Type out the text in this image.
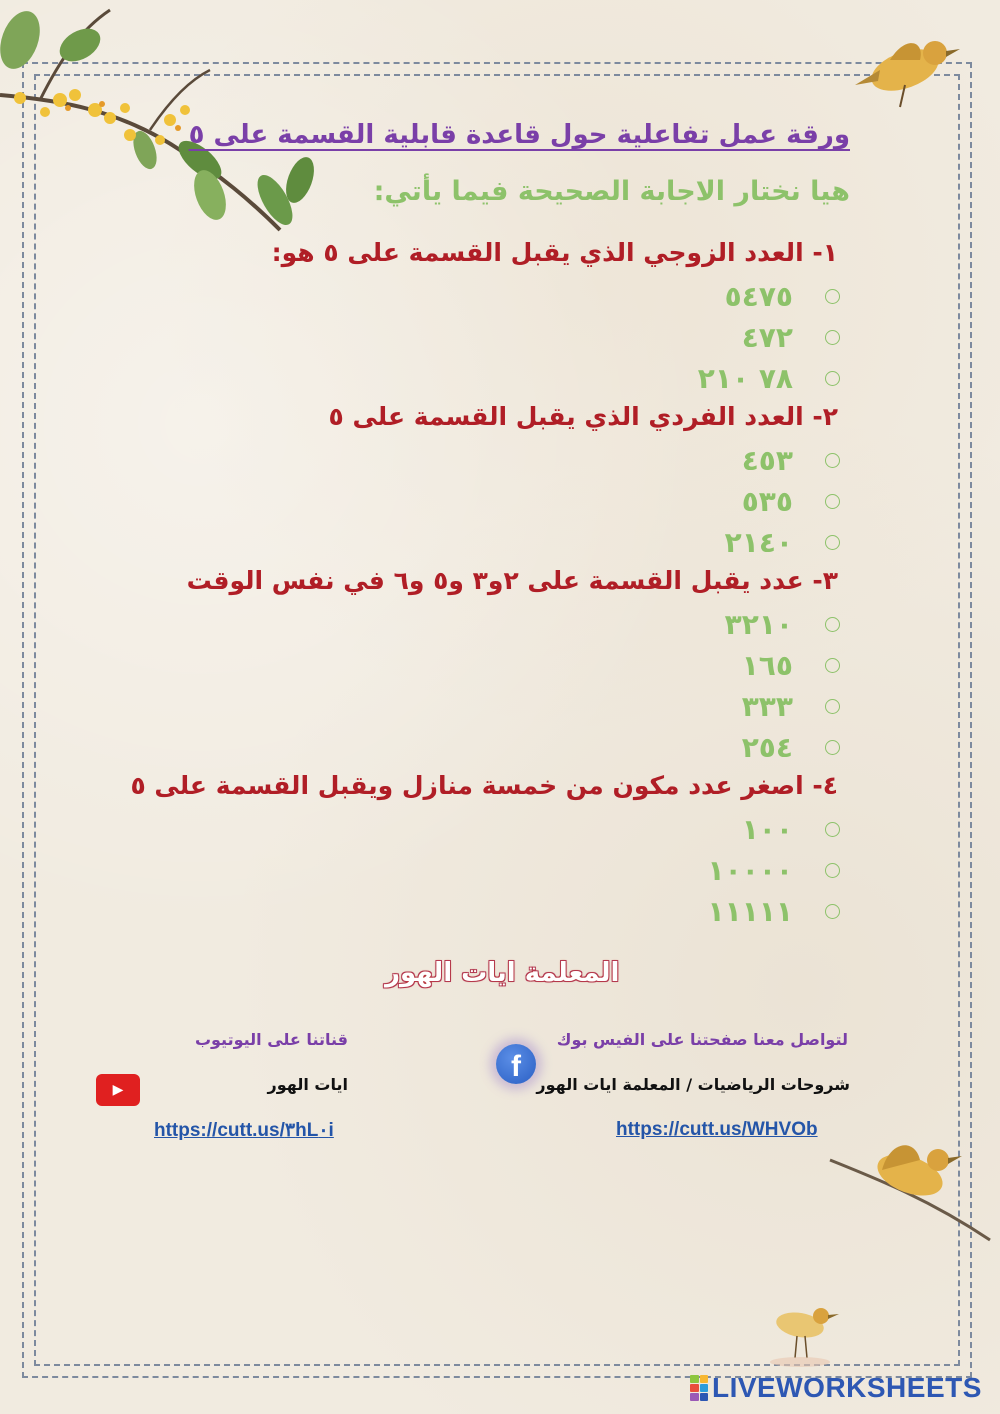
ورقة عمل تفاعلية حول قاعدة قابلية القسمة على ٥
هيا نختار الاجابة الصحيحة فيما يأتي:
١- العدد الزوجي الذي يقبل القسمة على ٥ هو:
٥٤٧٥
٤٧٢
٧٨ ٢١٠
٢- العدد الفردي الذي يقبل القسمة على ٥
٤٥٣
٥٣٥
٢١٤٠
٣- عدد يقبل القسمة على ٢و٣ و٥ و٦ في نفس الوقت
٣٢١٠
١٦٥
٣٣٣
٢٥٤
٤- اصغر عدد مكون من خمسة منازل ويقبل القسمة على ٥
١٠٠
١٠٠٠٠
١١١١١
المعلمة ايات الهور
لتواصل معنا صفحتنا على الفيس بوك
f
شروحات الرياضيات / المعلمة ايات الهور
https://cutt.us/WHVOb
قناتنا على اليوتيوب
▶	ايات الهور
https://cutt.us/٣hL٠i
LIVEWORKSHEETS
